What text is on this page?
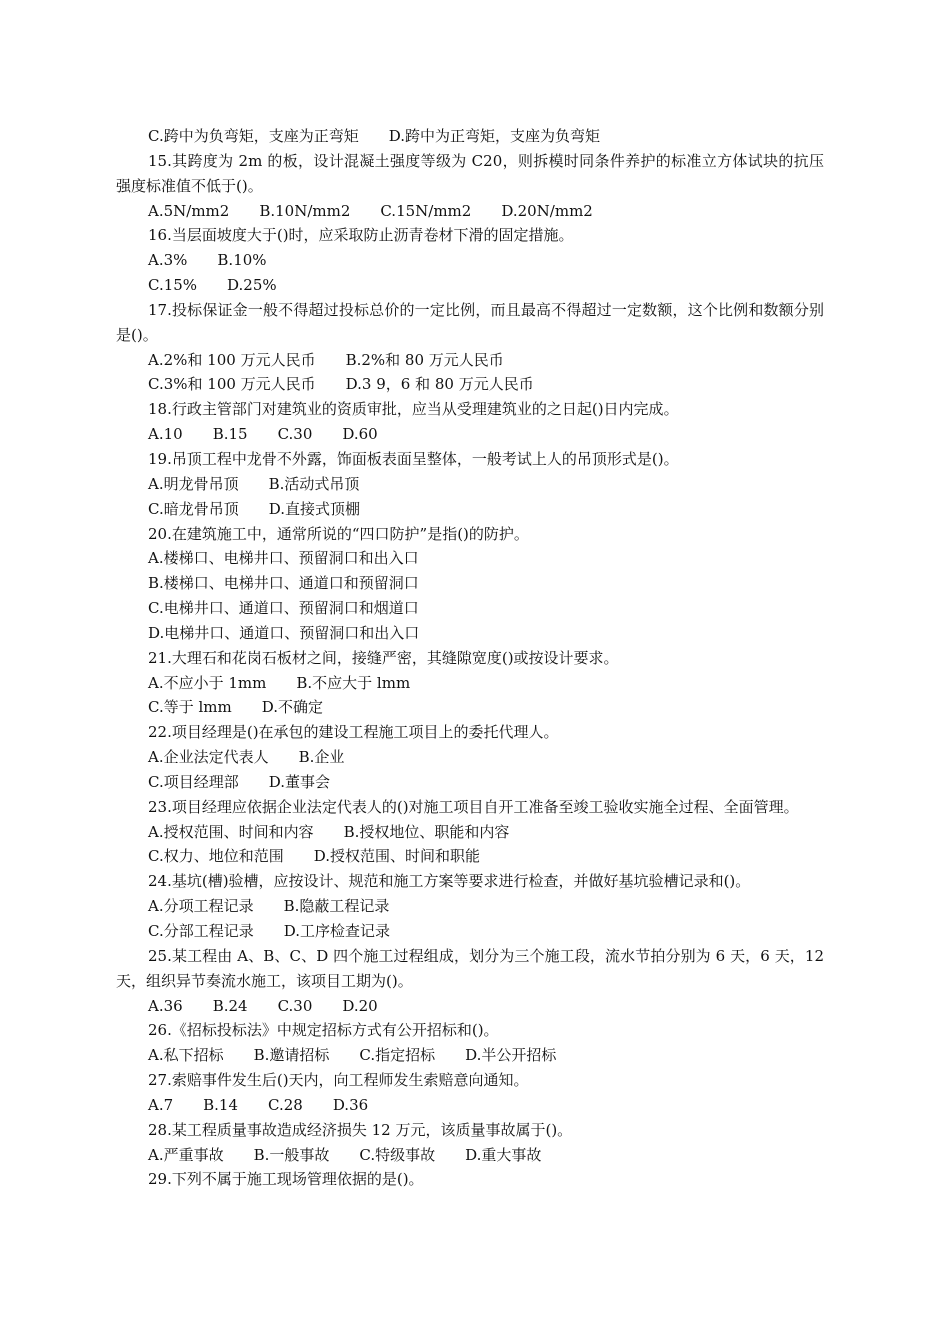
C.跨中为负弯矩，支座为正弯矩　　D.跨中为正弯矩，支座为负弯矩
15.其跨度为 2m 的板，设计混凝土强度等级为 C20，则拆模时同条件养护的标准立方体试块的抗压强度标准值不低于()。
A.5N/mm2　　B.10N/mm2　　C.15N/mm2　　D.20N/mm2
16.当层面坡度大于()时，应采取防止沥青卷材下滑的固定措施。
A.3%　　B.10%
C.15%　　D.25%
17.投标保证金一般不得超过投标总价的一定比例，而且最高不得超过一定数额，这个比例和数额分别是()。
A.2%和 100 万元人民币　　B.2%和 80 万元人民币
C.3%和 100 万元人民币　　D.3 9，6 和 80 万元人民币
18.行政主管部门对建筑业的资质审批，应当从受理建筑业的之日起()日内完成。
A.10　　B.15　　C.30　　D.60
19.吊顶工程中龙骨不外露，饰面板表面呈整体，一般考试上人的吊顶形式是()。
A.明龙骨吊顶　　B.活动式吊顶
C.暗龙骨吊顶　　D.直接式顶棚
20.在建筑施工中，通常所说的“四口防护”是指()的防护。
A.楼梯口、电梯井口、预留洞口和出入口
B.楼梯口、电梯井口、通道口和预留洞口
C.电梯井口、通道口、预留洞口和烟道口
D.电梯井口、通道口、预留洞口和出入口
21.大理石和花岗石板材之间，接缝严密，其缝隙宽度()或按设计要求。
A.不应小于 1mm　　B.不应大于 lmm
C.等于 lmm　　D.不确定
22.项目经理是()在承包的建设工程施工项目上的委托代理人。
A.企业法定代表人　　B.企业
C.项目经理部　　D.董事会
23.项目经理应依据企业法定代表人的()对施工项目自开工准备至竣工验收实施全过程、全面管理。
A.授权范围、时间和内容　　B.授权地位、职能和内容
C.权力、地位和范围　　D.授权范围、时间和职能
24.基坑(槽)验槽，应按设计、规范和施工方案等要求进行检查，并做好基坑验槽记录和()。
A.分项工程记录　　B.隐蔽工程记录
C.分部工程记录　　D.工序检查记录
25.某工程由 A、B、C、D 四个施工过程组成，划分为三个施工段，流水节拍分别为 6 天，6 天，12 天，组织异节奏流水施工，该项目工期为()。
A.36　　B.24　　C.30　　D.20
26.《招标投标法》中规定招标方式有公开招标和()。
A.私下招标　　B.邀请招标　　C.指定招标　　D.半公开招标
27.索赔事件发生后()天内，向工程师发生索赔意向通知。
A.7　　B.14　　C.28　　D.36
28.某工程质量事故造成经济损失 12 万元，该质量事故属于()。
A.严重事故　　B.一般事故　　C.特级事故　　D.重大事故
29.下列不属于施工现场管理依据的是()。
